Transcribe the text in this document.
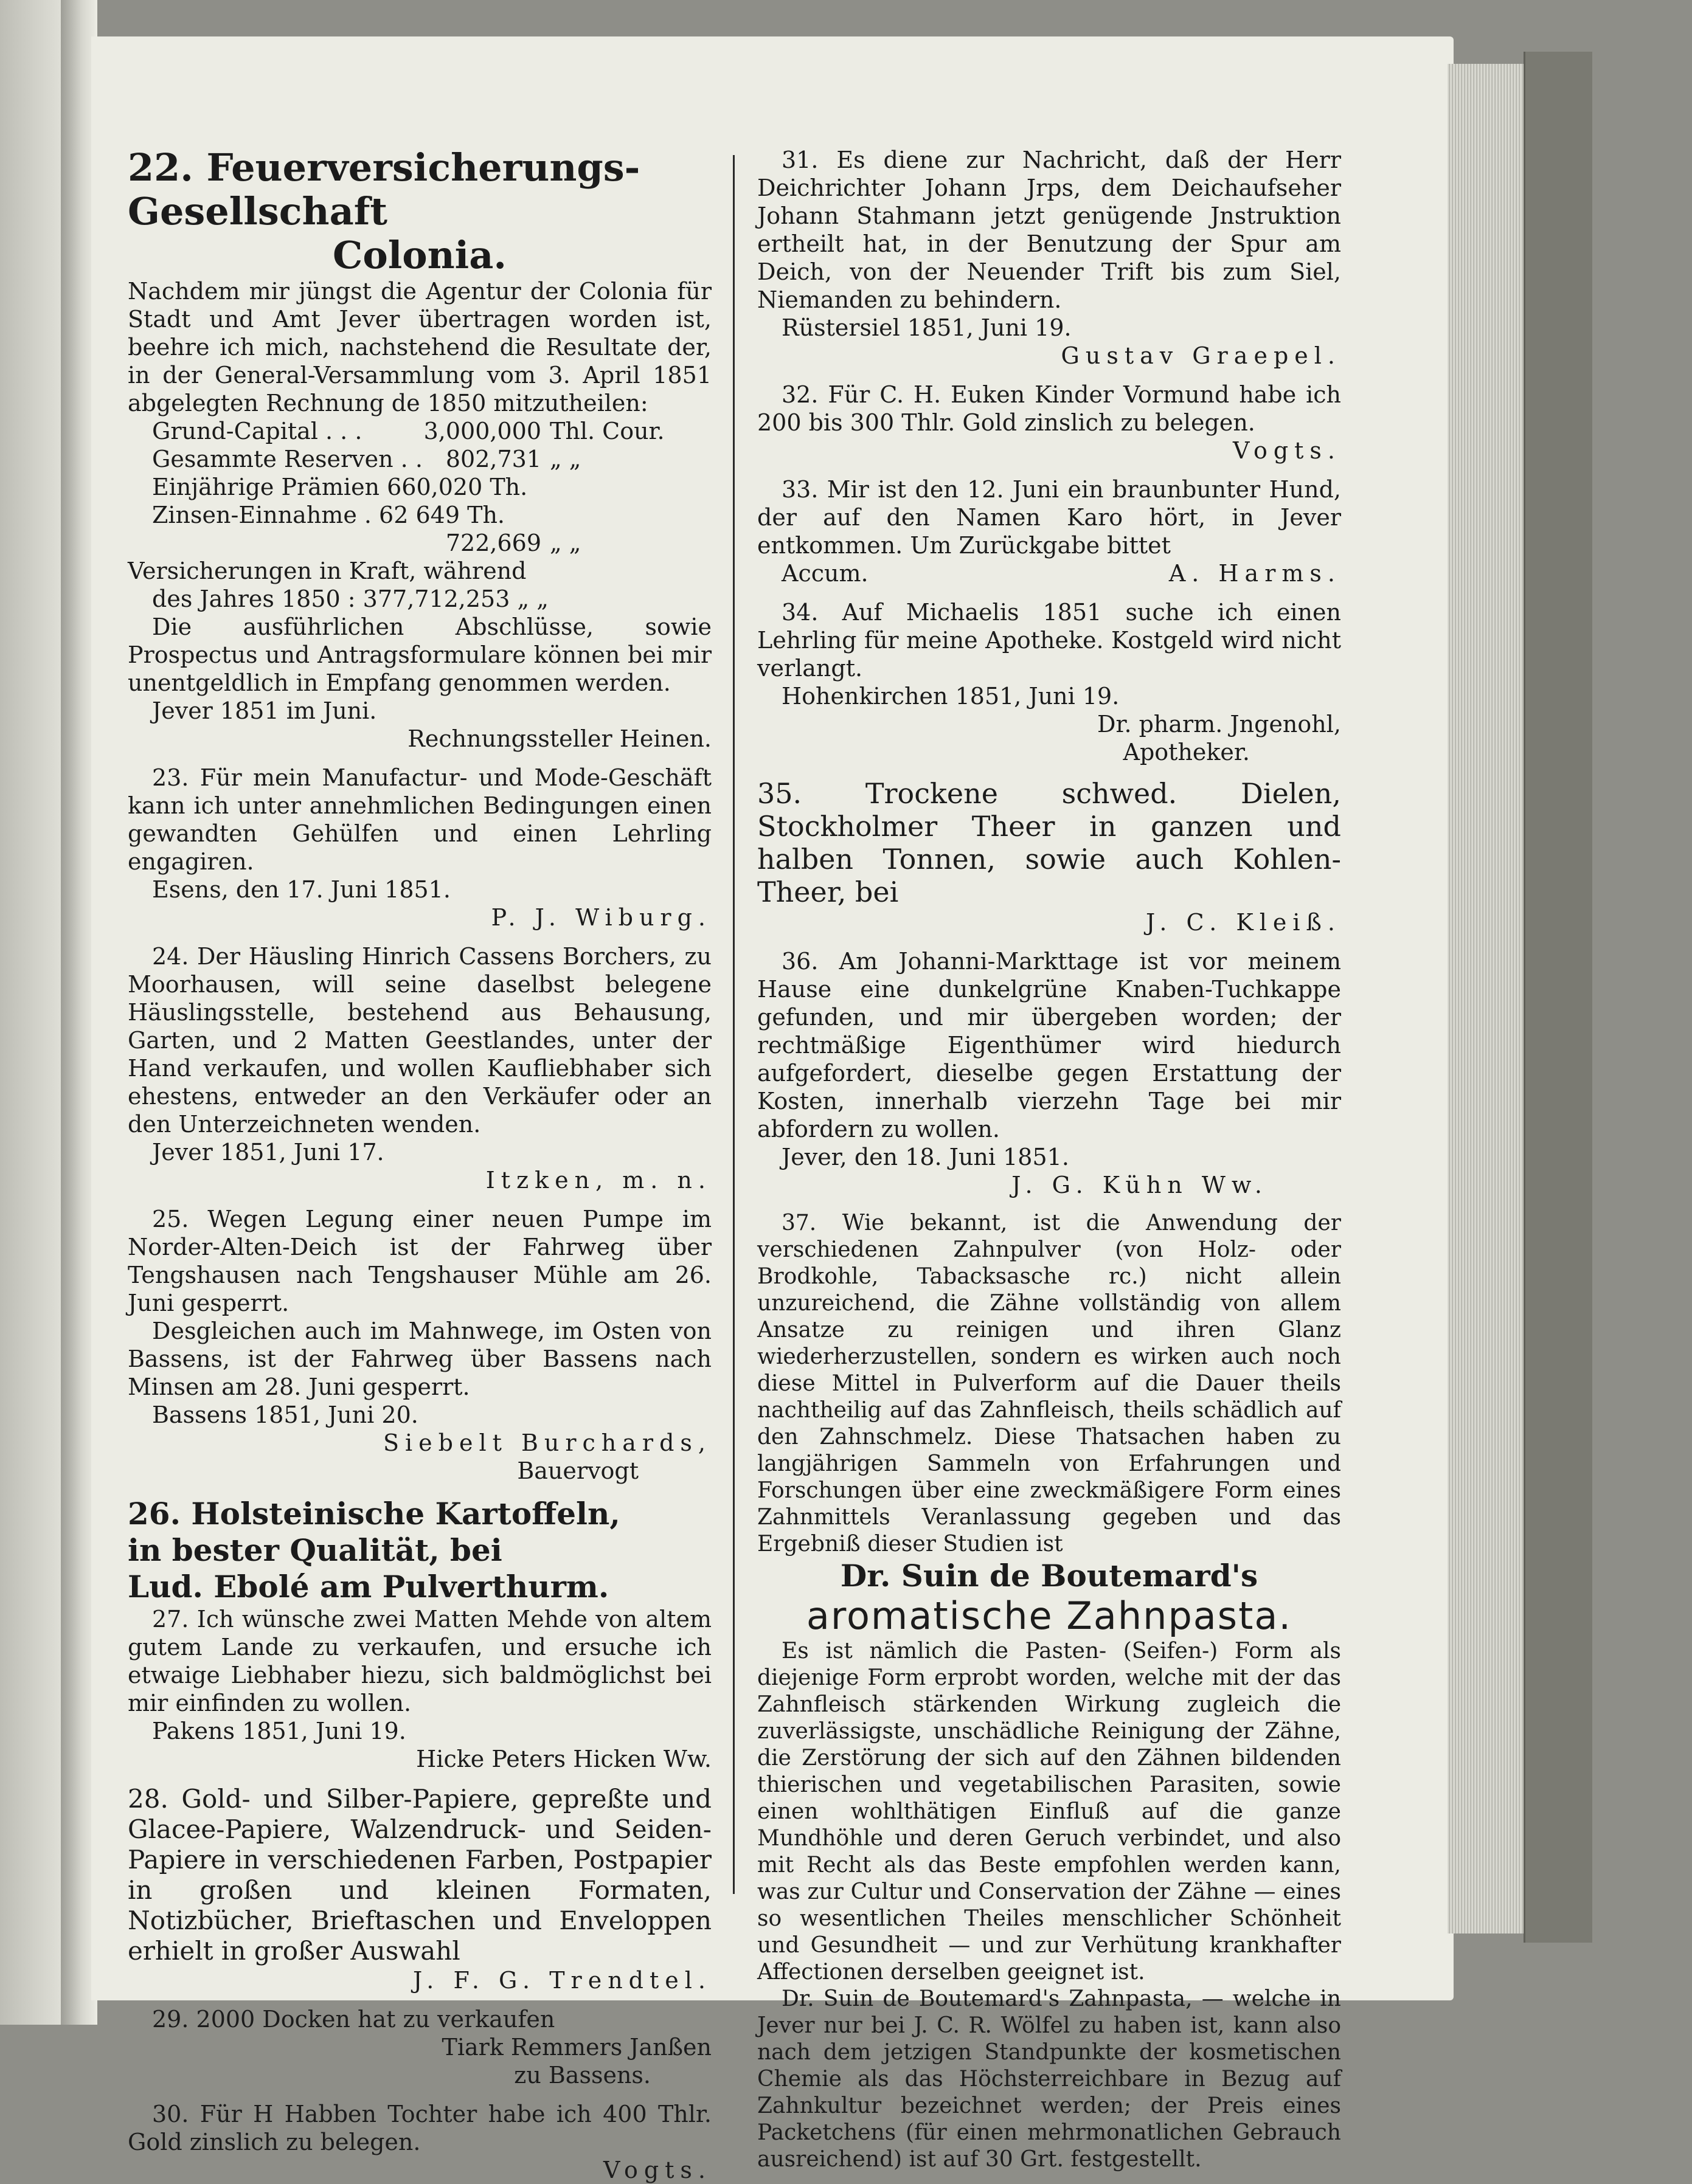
22. Feuerversicherungs-Gesellschaft

Colonia.

Nachdem mir jüngst die Agentur der Colonia für Stadt und Amt Jever übertragen worden ist, beehre ich mich, nachstehend die Resultate der, in der General-Versammlung vom 3. April 1851 abgelegten Rechnung de 1850 mitzutheilen:

Grund-Capital . . .	3,000,000 Thl. Cour.
Gesammte Reserven . . 802,731 „ „
Einjährige Prämien 660,020 Th.
Zinsen-Einnahme . 62 649 Th.
722,669 „ „

Versicherungen in Kraft, während

des Jahres 1850 : 377,712,253 „ „

Die ausführlichen Abschlüsse, sowie Prospectus und Antragsformulare können bei mir unentgeldlich in Empfang genommen werden.

Jever 1851 im Juni.

Rechnungssteller Heinen.

23. Für mein Manufactur- und Mode-Geschäft kann ich unter annehmlichen Bedingungen einen gewandten Gehülfen und einen Lehrling engagiren.

Esens, den 17. Juni 1851.

P. J. Wiburg.

24. Der Häusling Hinrich Cassens Borchers, zu Moorhausen, will seine daselbst belegene Häuslingsstelle, bestehend aus Behausung, Garten, und 2 Matten Geestlandes, unter der Hand verkaufen, und wollen Kaufliebhaber sich ehestens, entweder an den Verkäufer oder an den Unterzeichneten wenden.

Jever 1851, Juni 17.

Itzken, m. n.

25. Wegen Legung einer neuen Pumpe im Norder-Alten-Deich ist der Fahrweg über Tengshausen nach Tengshauser Mühle am 26. Juni gesperrt.

Desgleichen auch im Mahnwege, im Osten von Bassens, ist der Fahrweg über Bassens nach Minsen am 28. Juni gesperrt.

Bassens 1851, Juni 20.

Siebelt Burchards,

Bauervogt

26. Holsteinische Kartoffeln,

in bester Qualität, bei

Lud. Ebolé am Pulverthurm.

27. Ich wünsche zwei Matten Mehde von altem gutem Lande zu verkaufen, und ersuche ich etwaige Liebhaber hiezu, sich baldmöglichst bei mir einfinden zu wollen.

Pakens 1851, Juni 19.

Hicke Peters Hicken Ww.

28. Gold- und Silber-Papiere, gepreßte und Glacee-Papiere, Walzendruck- und Seiden-Papiere in verschiedenen Farben, Postpapier in großen und kleinen Formaten, Notizbücher, Brieftaschen und Enveloppen erhielt in großer Auswahl

J. F. G. Trendtel.

29. 2000 Docken hat zu verkaufen

Tiark Remmers Janßen

zu Bassens.

30. Für H Habben Tochter habe ich 400 Thlr. Gold zinslich zu belegen.

Vogts.

31. Es diene zur Nachricht, daß der Herr Deichrichter Johann Jrps, dem Deichaufseher Johann Stahmann jetzt genügende Jnstruktion ertheilt hat, in der Benutzung der Spur am Deich, von der Neuender Trift bis zum Siel, Niemanden zu behindern.

Rüstersiel 1851, Juni 19.

Gustav Graepel.

32. Für C. H. Euken Kinder Vormund habe ich 200 bis 300 Thlr. Gold zinslich zu belegen.

Vogts.

33. Mir ist den 12. Juni ein braunbunter Hund, der auf den Namen Karo hört, in Jever entkommen. Um Zurückgabe bittet

Accum.	A. Harms.

34. Auf Michaelis 1851 suche ich einen Lehrling für meine Apotheke. Kostgeld wird nicht verlangt.

Hohenkirchen 1851, Juni 19.

Dr. pharm. Jngenohl,

Apotheker.

35. Trockene schwed. Dielen, Stockholmer Theer in ganzen und halben Tonnen, sowie auch Kohlen-Theer, bei

J. C. Kleiß.

36. Am Johanni-Markttage ist vor meinem Hause eine dunkelgrüne Knaben-Tuchkappe gefunden, und mir übergeben worden; der rechtmäßige Eigenthümer wird hiedurch aufgefordert, dieselbe gegen Erstattung der Kosten, innerhalb vierzehn Tage bei mir abfordern zu wollen.

Jever, den 18. Juni 1851.

J. G. Kühn Ww.

37. Wie bekannt, ist die Anwendung der verschiedenen Zahnpulver (von Holz- oder Brodkohle, Tabacksasche rc.) nicht allein unzureichend, die Zähne vollständig von allem Ansatze zu reinigen und ihren Glanz wiederherzustellen, sondern es wirken auch noch diese Mittel in Pulverform auf die Dauer theils nachtheilig auf das Zahnfleisch, theils schädlich auf den Zahnschmelz. Diese Thatsachen haben zu langjährigen Sammeln von Erfahrungen und Forschungen über eine zweckmäßigere Form eines Zahnmittels Veranlassung gegeben und das Ergebniß dieser Studien ist

Dr. Suin de Boutemard's

aromatische Zahnpasta.

Es ist nämlich die Pasten- (Seifen-) Form als diejenige Form erprobt worden, welche mit der das Zahnfleisch stärkenden Wirkung zugleich die zuverlässigste, unschädliche Reinigung der Zähne, die Zerstörung der sich auf den Zähnen bildenden thierischen und vegetabilischen Parasiten, sowie einen wohlthätigen Einfluß auf die ganze Mundhöhle und deren Geruch verbindet, und also mit Recht als das Beste empfohlen werden kann, was zur Cultur und Conservation der Zähne — eines so wesentlichen Theiles menschlicher Schönheit und Gesundheit — und zur Verhütung krankhafter Affectionen derselben geeignet ist.

Dr. Suin de Boutemard's Zahnpasta, — welche in Jever nur bei J. C. R. Wölfel zu haben ist, kann also nach dem jetzigen Standpunkte der kosmetischen Chemie als das Höchsterreichbare in Bezug auf Zahnkultur bezeichnet werden; der Preis eines Packetchens (für einen mehrmonatlichen Gebrauch ausreichend) ist auf 30 Grt. festgestellt.
